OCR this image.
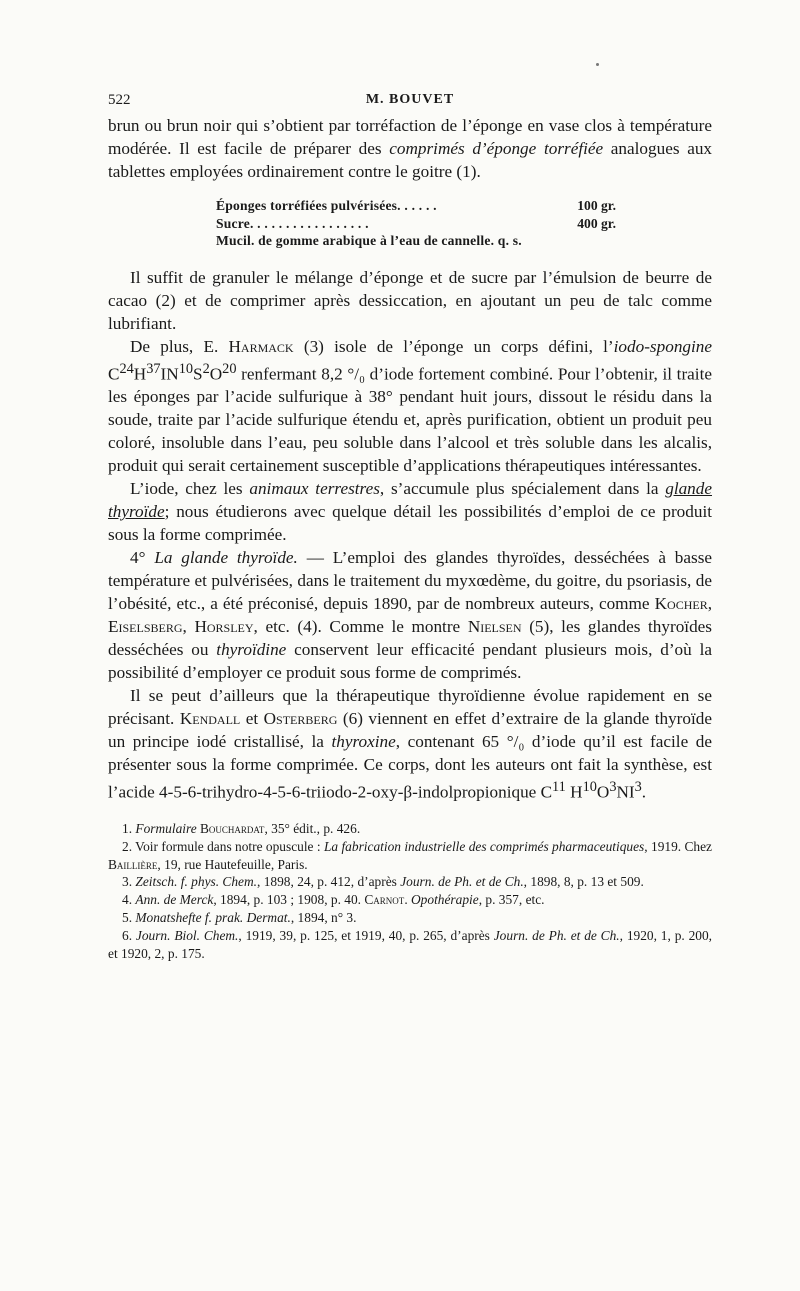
522	M. BOUVET

brun ou brun noir qui s’obtient par torréfaction de l’éponge en vase clos à température modérée. Il est facile de préparer des comprimés d’éponge torréfiée analogues aux tablettes employées ordinairement contre le goitre (1).

Éponges torréfiées pulvérisées. . . . . .	100 gr.
Sucre. . . . . . . . . . . . . . . . .	400 gr.
Mucil. de gomme arabique à l’eau de cannelle. q. s.

Il suffit de granuler le mélange d’éponge et de sucre par l’émulsion de beurre de cacao (2) et de comprimer après dessiccation, en ajoutant un peu de talc comme lubrifiant.

De plus, E. Harmack (3) isole de l’éponge un corps défini, l’iodo-spongine $C^{24}H^{37}IN^{10}S^2O^{20}$ renfermant 8,2 °/₀ d’iode fortement combiné. Pour l’obtenir, il traite les éponges par l’acide sulfurique à 38° pendant huit jours, dissout le résidu dans la soude, traite par l’acide sulfurique étendu et, après purification, obtient un produit peu coloré, insoluble dans l’eau, peu soluble dans l’alcool et très soluble dans les alcalis, produit qui serait certainement susceptible d’applications thérapeutiques intéressantes.

L’iode, chez les animaux terrestres, s’accumule plus spécialement dans la glande thyroïde; nous étudierons avec quelque détail les possibilités d’emploi de ce produit sous la forme comprimée.

4° La glande thyroïde. — L’emploi des glandes thyroïdes, desséchées à basse température et pulvérisées, dans le traitement du myxœdème, du goitre, du psoriasis, de l’obésité, etc., a été préconisé, depuis 1890, par de nombreux auteurs, comme Kocher, Eiselsberg, Horsley, etc. (4). Comme le montre Nielsen (5), les glandes thyroïdes desséchées ou thyroïdine conservent leur efficacité pendant plusieurs mois, d’où la possibilité d’employer ce produit sous forme de comprimés.

Il se peut d’ailleurs que la thérapeutique thyroïdienne évolue rapidement en se précisant. Kendall et Osterberg (6) viennent en effet d’extraire de la glande thyroïde un principe iodé cristallisé, la thyroxine, contenant 65 °/₀ d’iode qu’il est facile de présenter sous la forme comprimée. Ce corps, dont les auteurs ont fait la synthèse, est l’acide 4-5-6-trihydro-4-5-6-triiodo-2-oxy-β-indolpropionique $C^{11}$ $H^{10}O^3NI^3$.

1. Formulaire Bouchardat, 35° édit., p. 426.

2. Voir formule dans notre opuscule : La fabrication industrielle des comprimés pharmaceutiques, 1919. Chez Baillière, 19, rue Hautefeuille, Paris.

3. Zeitsch. f. phys. Chem., 1898, 24, p. 412, d’après Journ. de Ph. et de Ch., 1898, 8, p. 13 et 509.

4. Ann. de Merck, 1894, p. 103 ; 1908, p. 40. Carnot. Opothérapie, p. 357, etc.

5. Monatshefte f. prak. Dermat., 1894, n° 3.

6. Journ. Biol. Chem., 1919, 39, p. 125, et 1919, 40, p. 265, d’après Journ. de Ph. et de Ch., 1920, 1, p. 200, et 1920, 2, p. 175.
